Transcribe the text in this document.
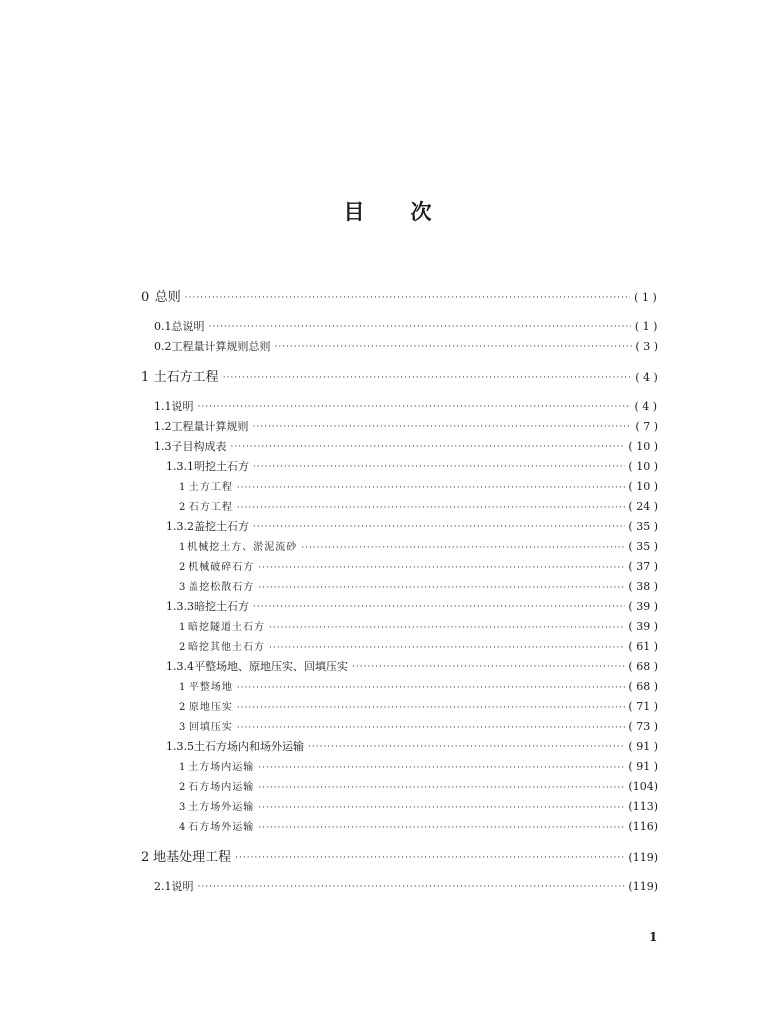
目 次
0 总则 ·····	( 1 )
0.1 总说明 ·····	( 1 )
0.2 工程量计算规则总则 ·····	( 3 )
1 土石方工程 ·····	( 4 )
1.1 说明 ·····	( 4 )
1.2 工程量计算规则 ·····	( 7 )
1.3 子目构成表 ·····	( 10 )
1.3.1 明挖土石方 ·····	( 10 )
1 土方工程 ·····	( 10 )
2 石方工程 ·····	( 24 )
1.3.2 盖挖土石方 ·····	( 35 )
1 机械挖土方、淤泥流砂 ·····	( 35 )
2 机械破碎石方 ·····	( 37 )
3 盖挖松散石方 ·····	( 38 )
1.3.3 暗挖土石方 ·····	( 39 )
1 暗挖隧道土石方 ·····	( 39 )
2 暗挖其他土石方 ·····	( 61 )
1.3.4 平整场地、原地压实、回填压实 ·····	( 68 )
1 平整场地 ·····	( 68 )
2 原地压实 ·····	( 71 )
3 回填压实 ·····	( 73 )
1.3.5 土石方场内和场外运输 ·····	( 91 )
1 土方场内运输 ·····	( 91 )
2 石方场内运输 ·····	(104)
3 土方场外运输 ·····	(113)
4 石方场外运输 ·····	(116)
2 地基处理工程 ·····	(119)
2.1 说明 ·····	(119)
1
